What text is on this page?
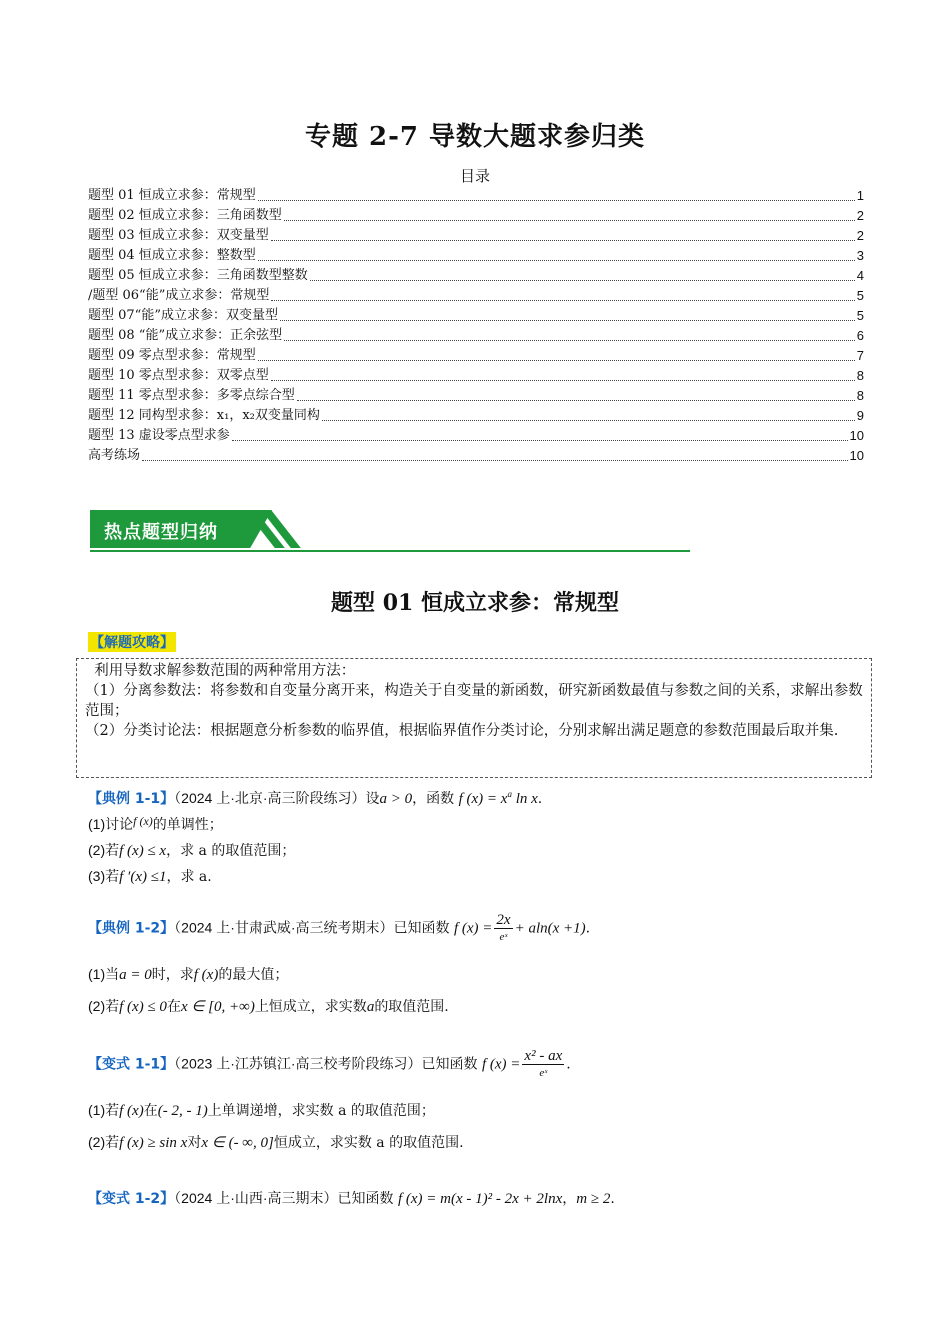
专题 2-7 导数大题求参归类
目录
题型 01 恒成立求参：常规型	1
题型 02 恒成立求参：三角函数型	2
题型 03 恒成立求参：双变量型	2
题型 04 恒成立求参：整数型	3
题型 05 恒成立求参：三角函数型整数	4
/题型 06“能”成立求参：常规型	5
题型 07“能”成立求参：双变量型	5
题型 08 “能”成立求参：正余弦型	6
题型 09 零点型求参：常规型	7
题型 10 零点型求参：双零点型	8
题型 11 零点型求参：多零点综合型	8
题型 12 同构型求参：x₁，x₂双变量同构	9
题型 13 虚设零点型求参	10
高考练场	10
热点题型归纳
题型 01 恒成立求参：常规型
【解题攻略】

利用导数求解参数范围的两种常用方法：

（1）分离参数法：将参数和自变量分离开来，构造关于自变量的新函数，研究新函数最值与参数之间的关系，求解出参数范围；

（2）分类讨论法：根据题意分析参数的临界值，根据临界值作分类讨论，分别求解出满足题意的参数范围最后取并集.

【典例 1-1】（2024 上·北京·高三阶段练习）设a > 0，函数 f $(x) = x^a$ ln x.
(1)讨论f (x)的单调性；
(2)若f (x) ≤ x，求 a 的取值范围；
(3)若f ′(x) ≤1，求 a.
【典例 1-2】（2024 上·甘肃武威·高三统考期末）已知函数 f $(x) = \frac{2x}{\text{eˣ}} + aln(x +1)$.
(1)当a = 0时，求f (x)的最大值；
(2)若f (x) ≤ 0在x ∈ [0, +∞)上恒成立，求实数a的取值范围.
【变式 1-1】（2023 上·江苏镇江·高三校考阶段练习）已知函数 f $(x) = \frac{\text{x² - ax}}{\text{eˣ}}$ .
(1)若f (x)在(- 2, - 1)上单调递增，求实数 a 的取值范围；
(2)若f (x) ≥ sin x对x ∈ (- ∞, 0]恒成立，求实数 a 的取值范围.
【变式 1-2】（2024 上·山西·高三期末）已知函数 f (x) = m(x - 1)² - 2x + 2lnx，m ≥ 2.
